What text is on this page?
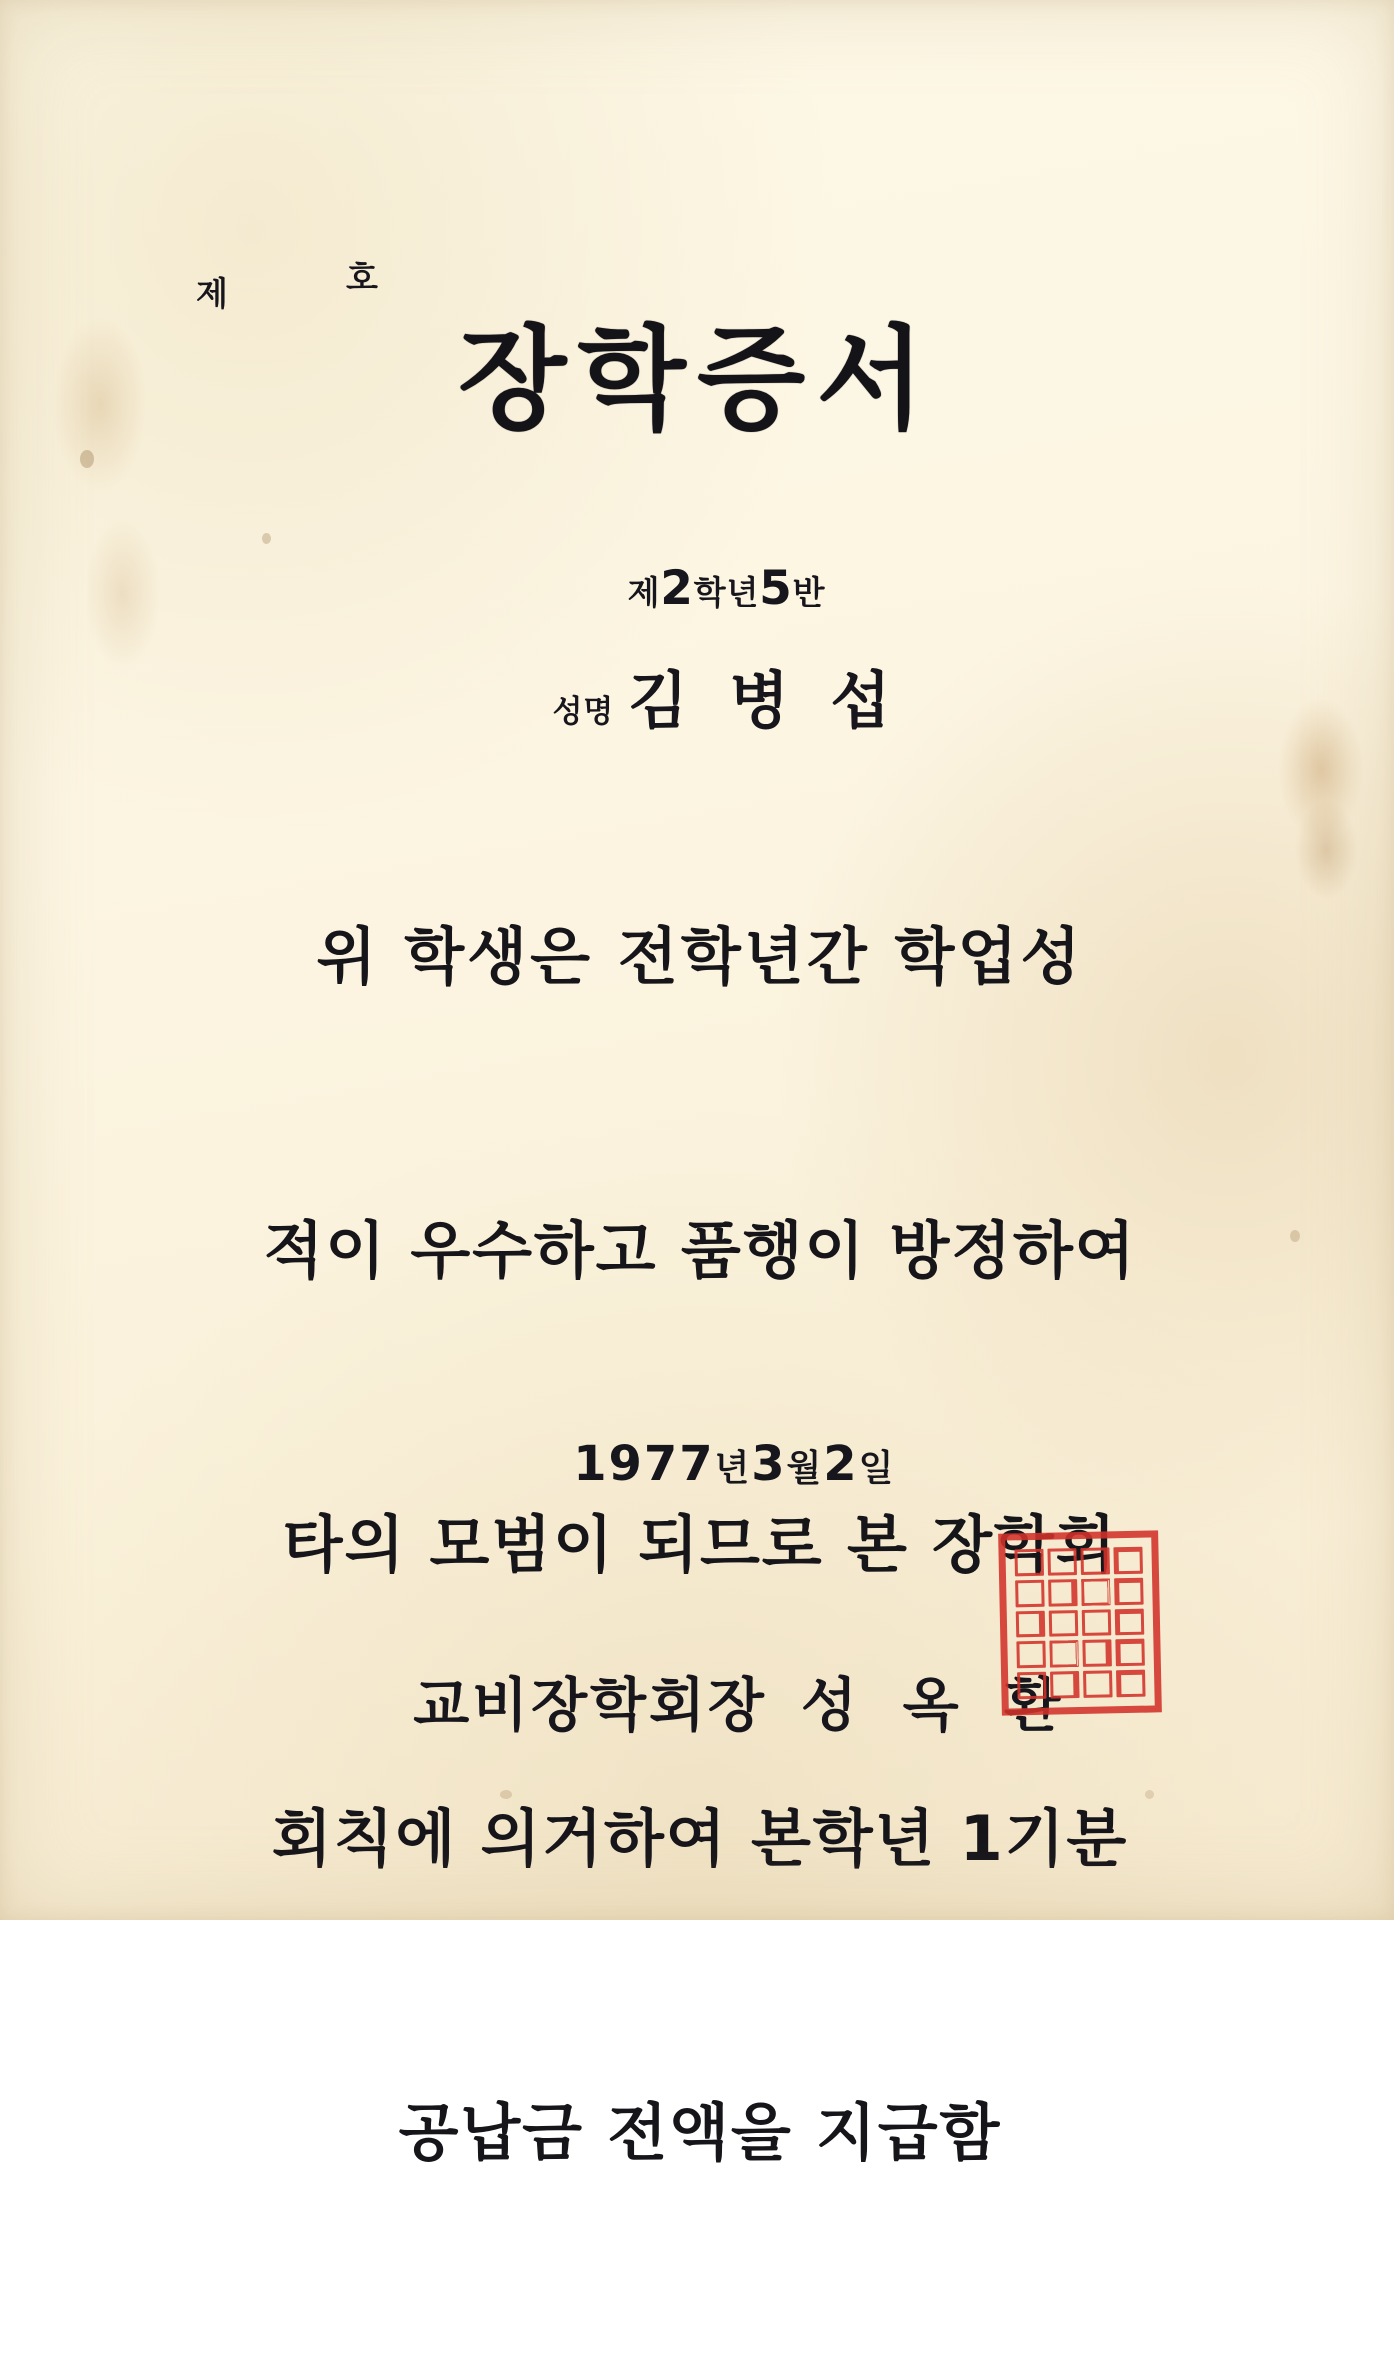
제

	호

장학증서

제2학년5반

성명 김 병 섭

위 학생은 전학년간 학업성

적이 우수하고 품행이 방정하여

타의 모범이 되므로 본 장학회

회칙에 의거하여 본학년 1기분

공납금 전액을 지급함

1977년3월2일

교비장학회장 성 옥 환
